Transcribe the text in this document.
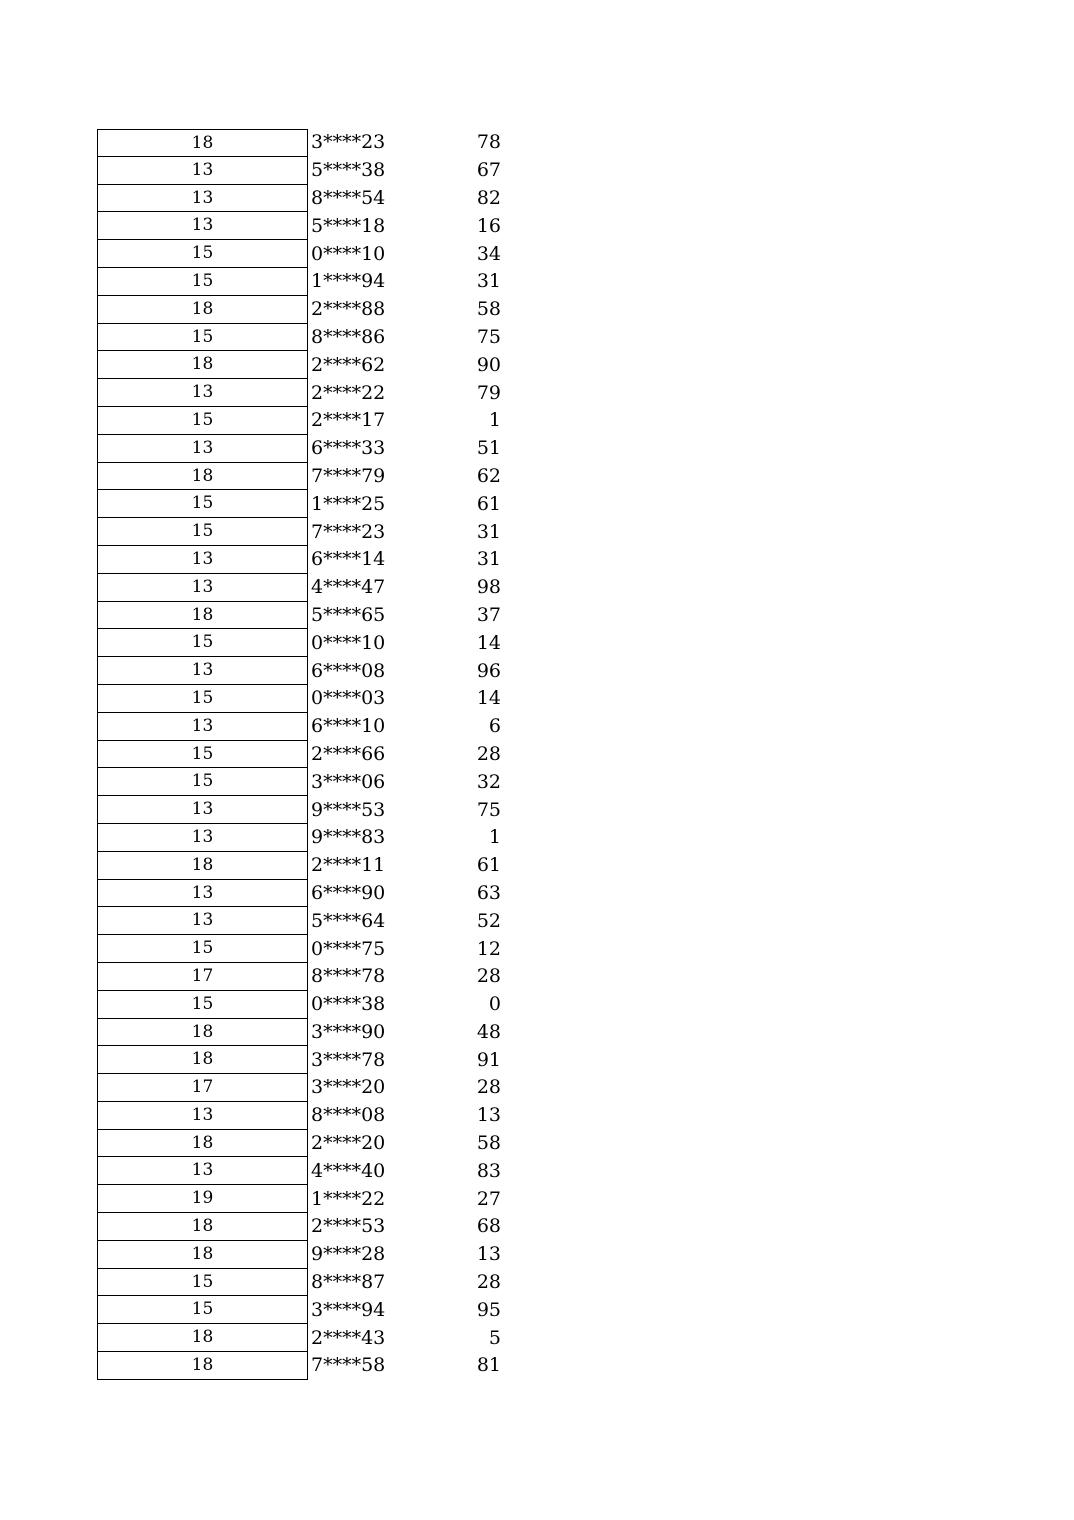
18	3****23	78
13	5****38	67
13	8****54	82
13	5****18	16
15	0****10	34
15	1****94	31
18	2****88	58
15	8****86	75
18	2****62	90
13	2****22	79
15	2****17	1
13	6****33	51
18	7****79	62
15	1****25	61
15	7****23	31
13	6****14	31
13	4****47	98
18	5****65	37
15	0****10	14
13	6****08	96
15	0****03	14
13	6****10	6
15	2****66	28
15	3****06	32
13	9****53	75
13	9****83	1
18	2****11	61
13	6****90	63
13	5****64	52
15	0****75	12
17	8****78	28
15	0****38	0
18	3****90	48
18	3****78	91
17	3****20	28
13	8****08	13
18	2****20	58
13	4****40	83
19	1****22	27
18	2****53	68
18	9****28	13
15	8****87	28
15	3****94	95
18	2****43	5
18	7****58	81
